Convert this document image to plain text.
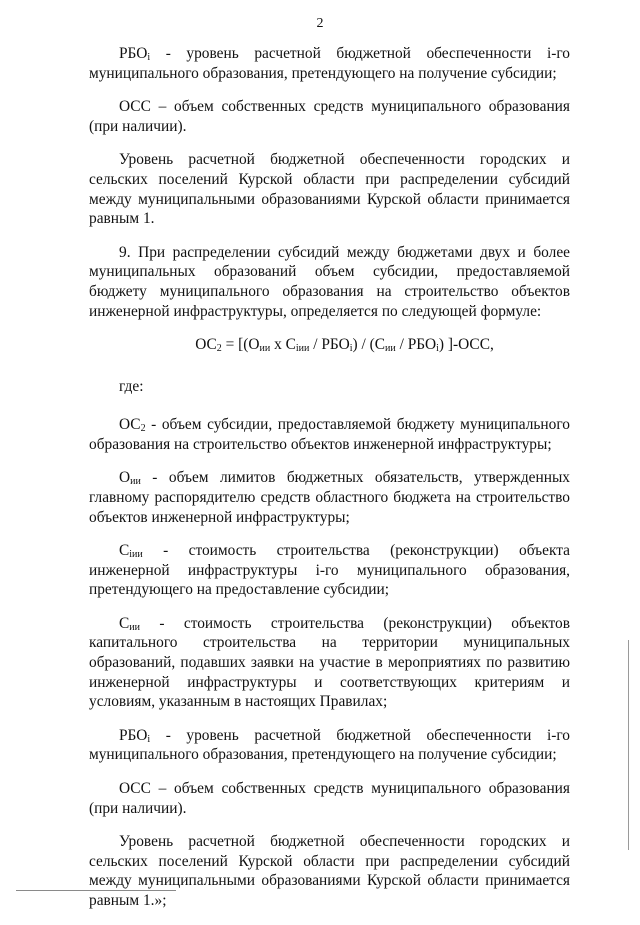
2

$РБО_i$ - уровень расчетной бюджетной обеспеченности i-го муниципального образования, претендующего на получение субсидии;

ОСС – объем собственных средств муниципального образования (при наличии).

Уровень расчетной бюджетной обеспеченности городских и сельских поселений Курской области при распределении субсидий между муниципальными образованиями Курской области принимается равным 1.

9. При распределении субсидий между бюджетами двух и более муниципальных образований объем субсидии, предоставляемой бюджету муниципального образования на строительство объектов инженерной инфраструктуры, определяется по следующей формуле:

$ОС_2 = [(О_{ии}$ х $С_{iии} / РБО_i) / (С_{ии} / РБО_i)$ ]-ОСС,
где:

$ОС_2$ - объем субсидии, предоставляемой бюджету муниципального образования на строительство объектов инженерной инфраструктуры;

$О_{ии}$ - объем лимитов бюджетных обязательств, утвержденных главному распорядителю средств областного бюджета на строительство объектов инженерной инфраструктуры;

$С_{iии}$ - стоимость строительства (реконструкции) объекта инженерной инфраструктуры i-го муниципального образования, претендующего на предоставление субсидии;

$С_{ии}$ - стоимость строительства (реконструкции) объектов капитального строительства на территории муниципальных образований, подавших заявки на участие в мероприятиях по развитию инженерной инфраструктуры и соответствующих критериям и условиям, указанным в настоящих Правилах;

$РБО_i$ - уровень расчетной бюджетной обеспеченности i-го муниципального образования, претендующего на получение субсидии;

ОСС – объем собственных средств муниципального образования (при наличии).

Уровень расчетной бюджетной обеспеченности городских и сельских поселений Курской области при распределении субсидий между муниципальными образованиями Курской области принимается равным 1.»;
